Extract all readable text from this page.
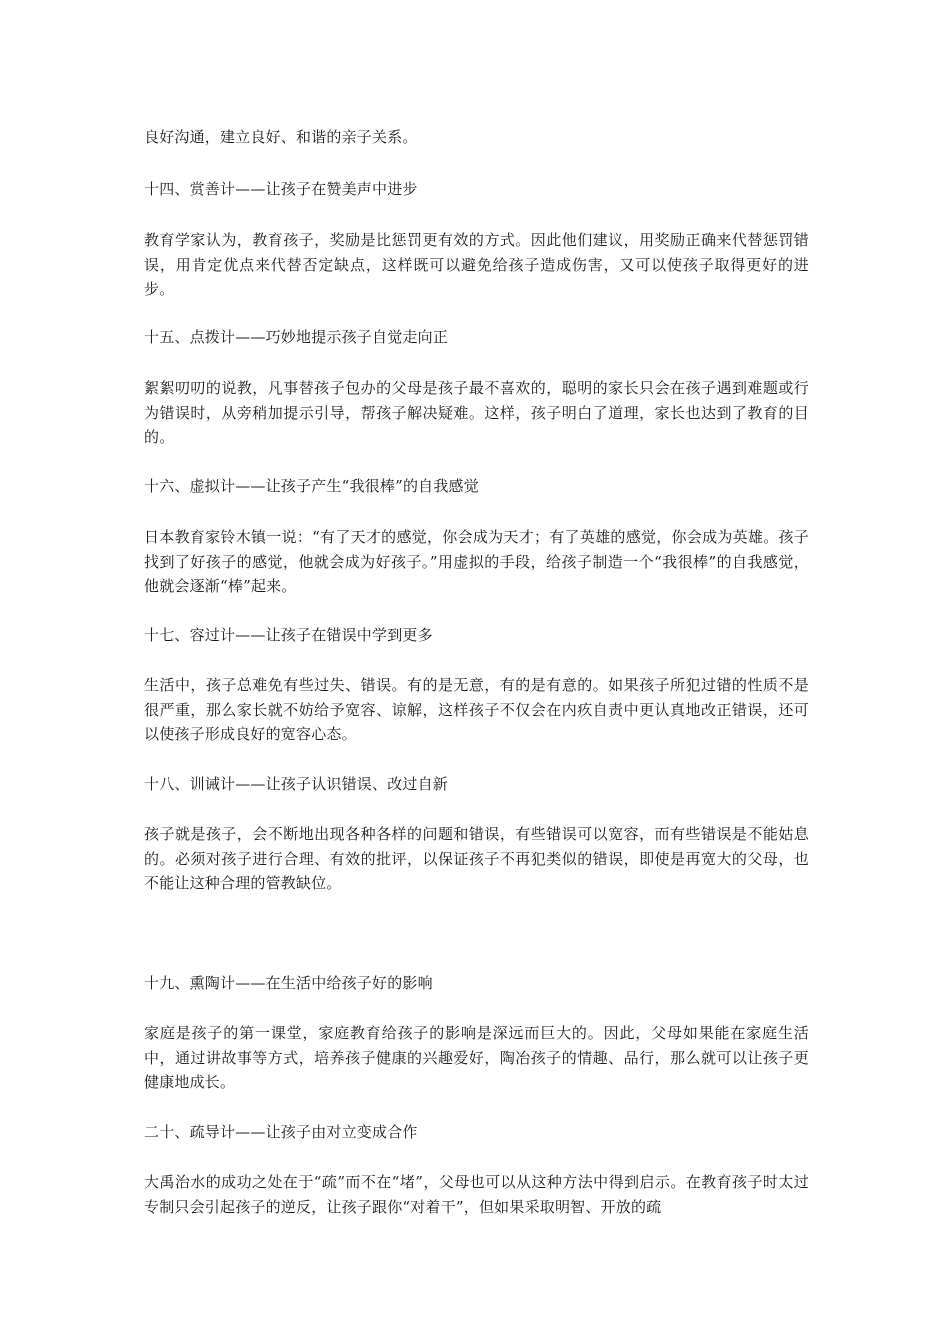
良好沟通，建立良好、和谐的亲子关系。

十四、赏善计——让孩子在赞美声中进步

教育学家认为，教育孩子，奖励是比惩罚更有效的方式。因此他们建议，用奖励正确来代替惩罚错误，用肯定优点来代替否定缺点，这样既可以避免给孩子造成伤害，又可以使孩子取得更好的进步。

十五、点拨计——巧妙地提示孩子自觉走向正

絮絮叨叨的说教，凡事替孩子包办的父母是孩子最不喜欢的，聪明的家长只会在孩子遇到难题或行为错误时，从旁稍加提示引导，帮孩子解决疑难。这样，孩子明白了道理，家长也达到了教育的目的。

十六、虚拟计——让孩子产生“我很棒”的自我感觉

日本教育家铃木镇一说：“有了天才的感觉，你会成为天才；有了英雄的感觉，你会成为英雄。孩子找到了好孩子的感觉，他就会成为好孩子。”用虚拟的手段，给孩子制造一个“我很棒”的自我感觉，他就会逐渐“棒”起来。

十七、容过计——让孩子在错误中学到更多

生活中，孩子总难免有些过失、错误。有的是无意，有的是有意的。如果孩子所犯过错的性质不是很严重，那么家长就不妨给予宽容、谅解，这样孩子不仅会在内疚自责中更认真地改正错误，还可以使孩子形成良好的宽容心态。

十八、训诫计——让孩子认识错误、改过自新

孩子就是孩子，会不断地出现各种各样的问题和错误，有些错误可以宽容，而有些错误是不能姑息的。必须对孩子进行合理、有效的批评，以保证孩子不再犯类似的错误，即使是再宽大的父母，也不能让这种合理的管教缺位。

十九、熏陶计——在生活中给孩子好的影响

家庭是孩子的第一课堂，家庭教育给孩子的影响是深远而巨大的。因此，父母如果能在家庭生活中，通过讲故事等方式，培养孩子健康的兴趣爱好，陶冶孩子的情趣、品行，那么就可以让孩子更健康地成长。

二十、疏导计——让孩子由对立变成合作

大禹治水的成功之处在于“疏”而不在“堵”，父母也可以从这种方法中得到启示。在教育孩子时太过专制只会引起孩子的逆反，让孩子跟你“对着干”，但如果采取明智、开放的疏
